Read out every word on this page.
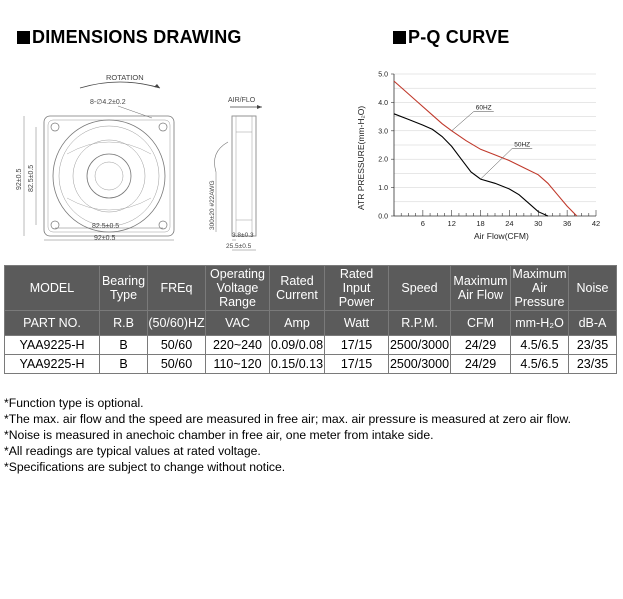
DIMENSIONS DRAWING	P-Q CURVE
ROTATION
8-∅4.2±0.2
92±0.5 82.5±0.5
82.5±0.5
92±0.5
AIR/FLO
300±20 #22AWG
3.8±0.3
25.5±0.5
0.0
1.0
2.0
3.0
4.0
5.0
6	12	18	24	30	36	42
60HZ
50HZ
ATR PRESSURE(mm-H₂O)
Air Flow(CFM)
MODEL	Bearing Type	FREq	Operating Voltage Range	Rated Current	Rated Input Power	Speed	Maximum Air Flow	Maximum Air Pressure	Noise
PART NO.	R.B	(50/60)HZ	VAC	Amp	Watt	R.P.M.	CFM	mm-H₂O	dB-A
YAA9225-H	B	50/60	220~240	0.09/0.08	17/15	2500/3000	24/29	4.5/6.5	23/35
YAA9225-H	B	50/60	110~120	0.15/0.13	17/15	2500/3000	24/29	4.5/6.5	23/35
*Function type is optional.
*The max. air flow and the speed are measured in free air; max. air pressure is measured at zero air flow.
*Noise is measured in anechoic chamber in free air, one meter from intake side.
*All readings are typical values at rated voltage.
*Specifications are subject to change without notice.
